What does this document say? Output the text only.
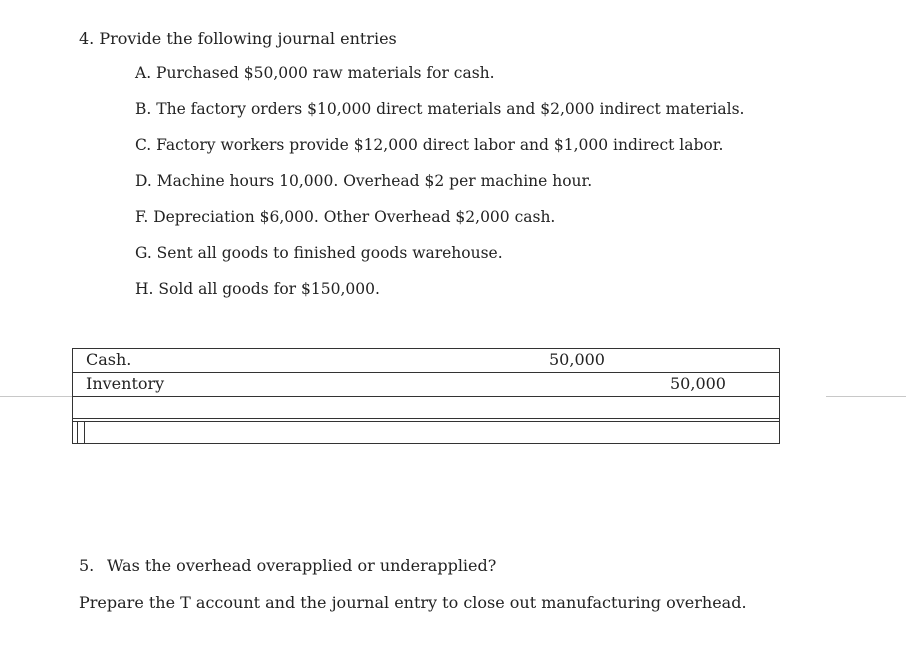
4. Provide the following journal entries
A. Purchased $50,000 raw materials for cash.
B. The factory orders $10,000 direct materials and $2,000 indirect materials.
C. Factory workers provide $12,000 direct labor and $1,000 indirect labor.
D. Machine hours 10,000. Overhead $2 per machine hour.
F. Depreciation $6,000. Other Overhead $2,000 cash.
G. Sent all goods to finished goods warehouse.
H. Sold all goods for $150,000.
Cash.	50,000
Inventory	50,000
5. Was the overhead overapplied or underapplied?
Prepare the T account and the journal entry to close out manufacturing overhead.
